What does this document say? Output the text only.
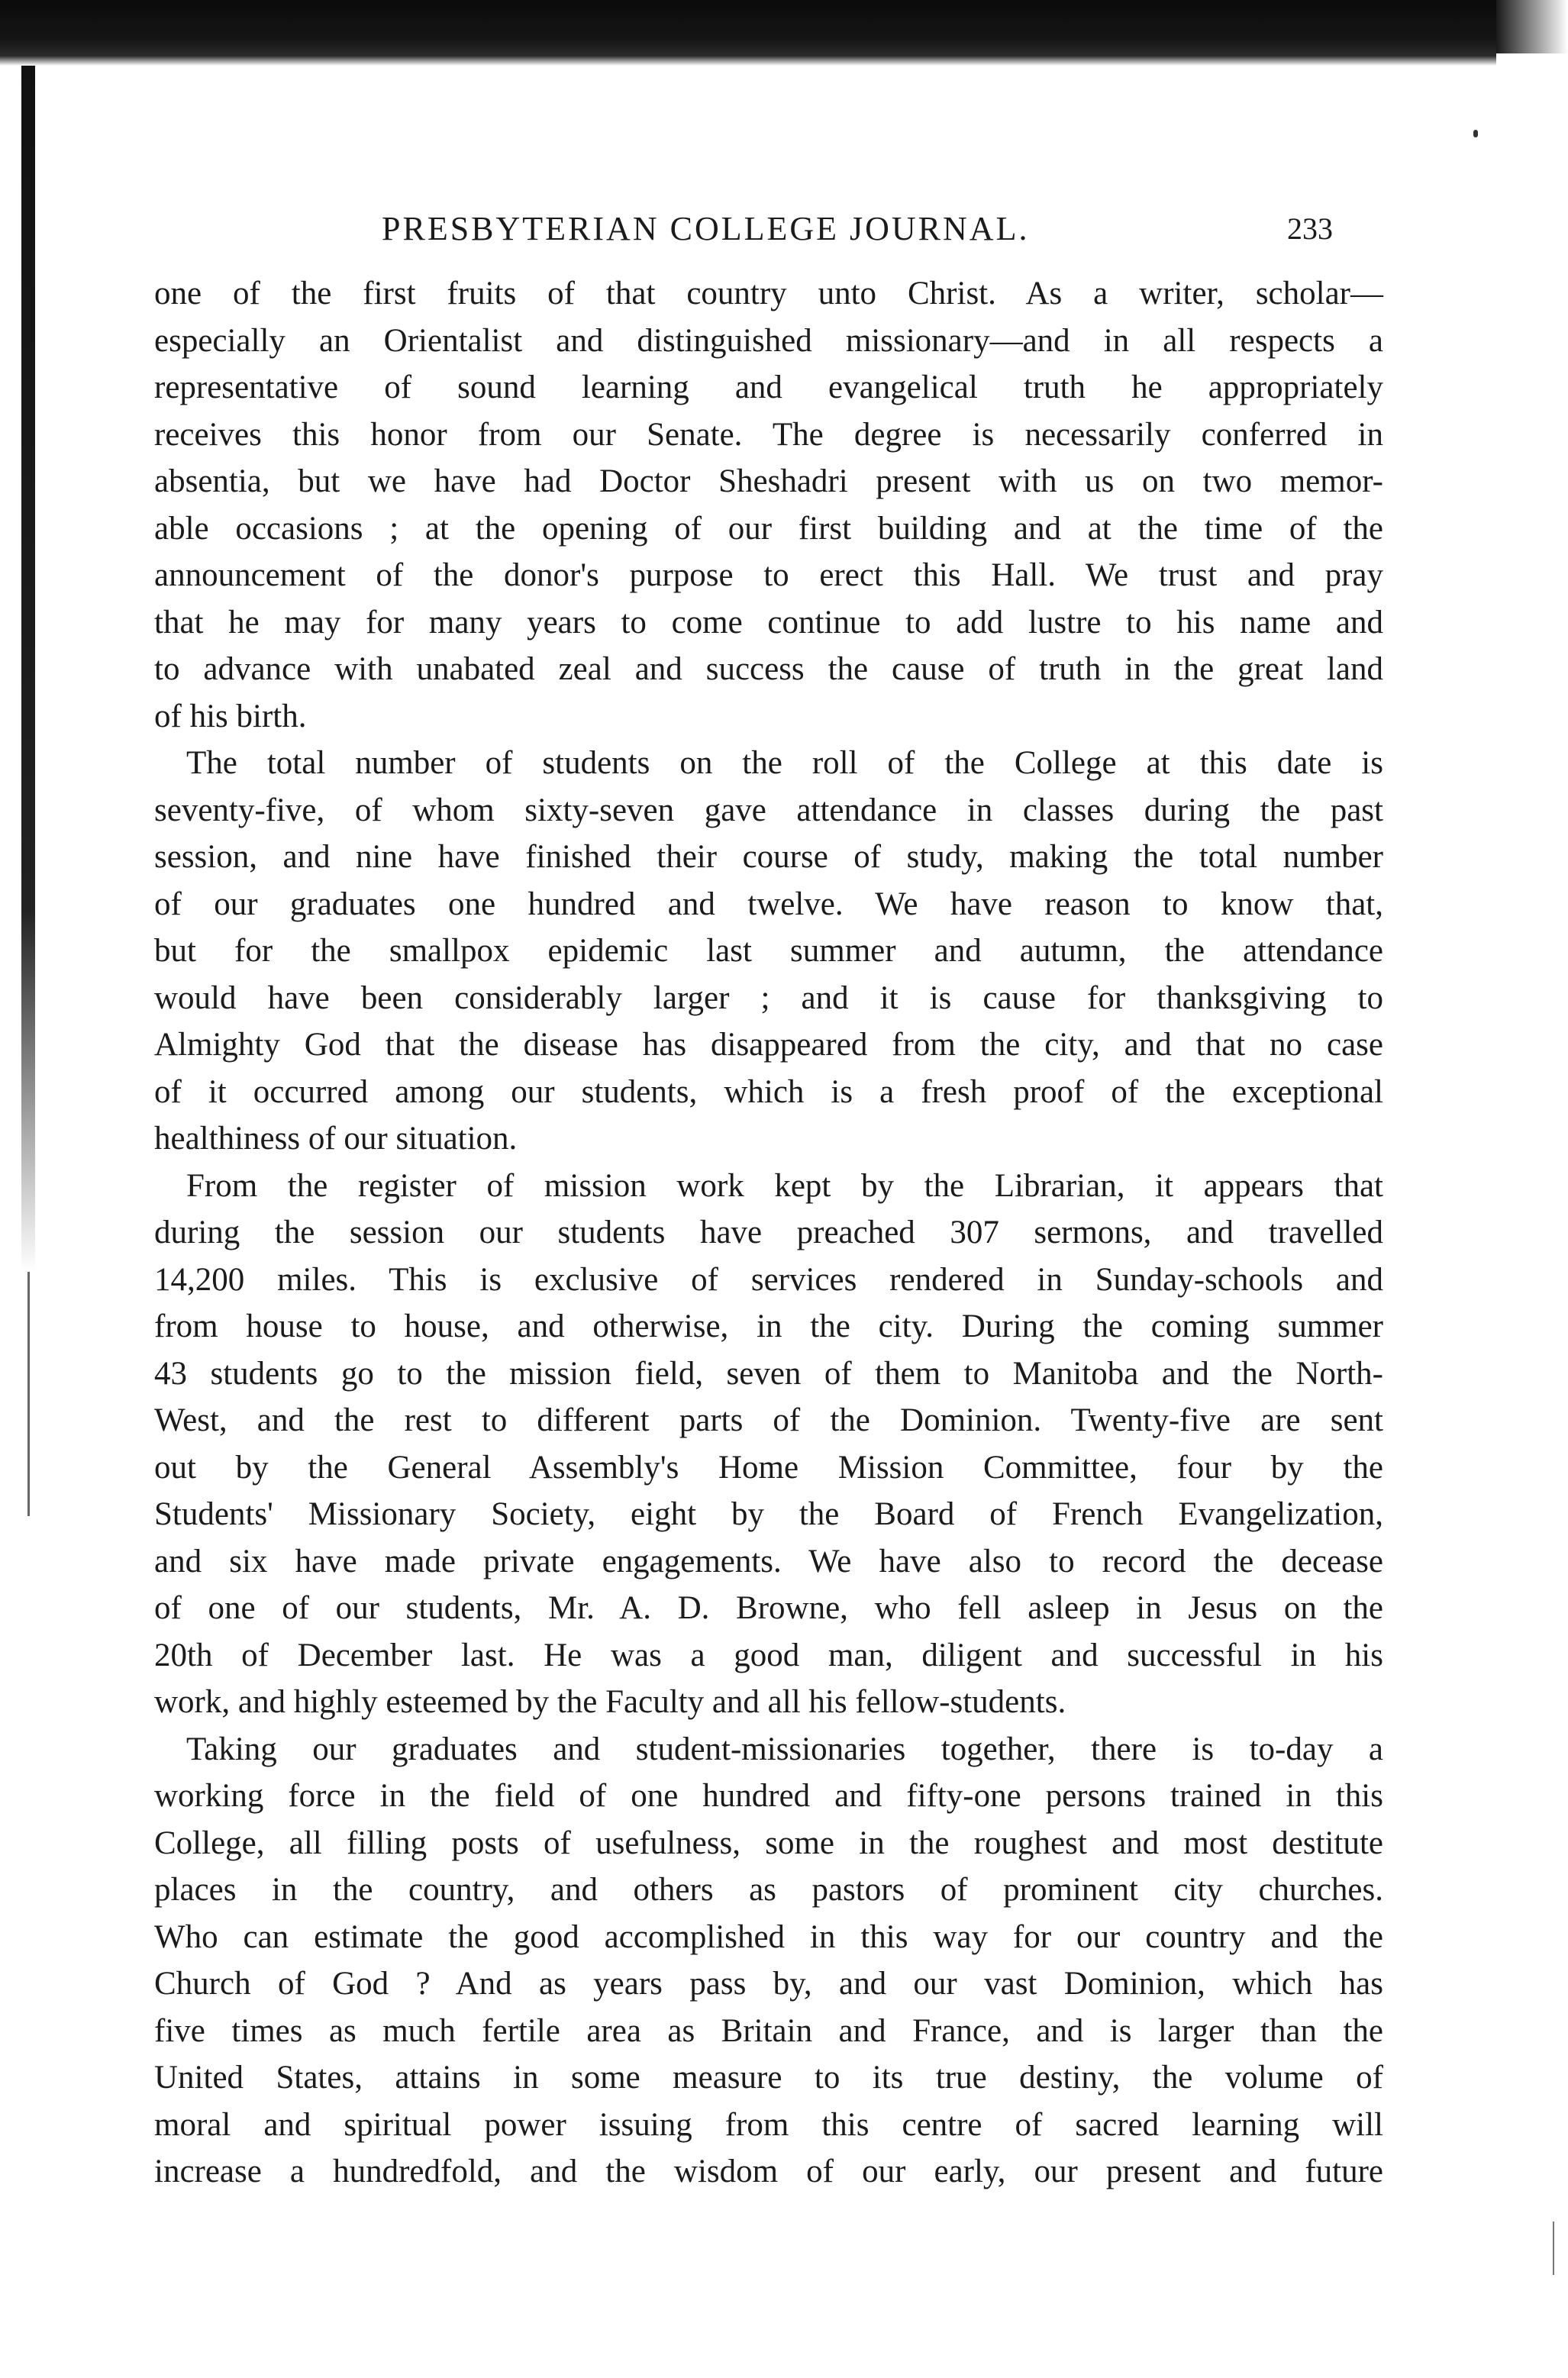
PRESBYTERIAN COLLEGE JOURNAL.	233
one of the first fruits of that country unto Christ. As a writer, scholar—
especially an Orientalist and distinguished missionary—and in all respects a
representative of sound learning and evangelical truth he appropriately
receives this honor from our Senate. The degree is necessarily conferred in
absentia, but we have had Doctor Sheshadri present with us on two memor-
able occasions ; at the opening of our first building and at the time of the
announcement of the donor's purpose to erect this Hall. We trust and pray
that he may for many years to come continue to add lustre to his name and
to advance with unabated zeal and success the cause of truth in the great land
of his birth.
The total number of students on the roll of the College at this date is
seventy-five, of whom sixty-seven gave attendance in classes during the past
session, and nine have finished their course of study, making the total number
of our graduates one hundred and twelve. We have reason to know that,
but for the smallpox epidemic last summer and autumn, the attendance
would have been considerably larger ; and it is cause for thanksgiving to
Almighty God that the disease has disappeared from the city, and that no case
of it occurred among our students, which is a fresh proof of the exceptional
healthiness of our situation.
From the register of mission work kept by the Librarian, it appears that
during the session our students have preached 307 sermons, and travelled
14,200 miles. This is exclusive of services rendered in Sunday-schools and
from house to house, and otherwise, in the city. During the coming summer
43 students go to the mission field, seven of them to Manitoba and the North-
West, and the rest to different parts of the Dominion. Twenty-five are sent
out by the General Assembly's Home Mission Committee, four by the
Students' Missionary Society, eight by the Board of French Evangelization,
and six have made private engagements. We have also to record the decease
of one of our students, Mr. A. D. Browne, who fell asleep in Jesus on the
20th of December last. He was a good man, diligent and successful in his
work, and highly esteemed by the Faculty and all his fellow-students.
Taking our graduates and student-missionaries together, there is to-day a
working force in the field of one hundred and fifty-one persons trained in this
College, all filling posts of usefulness, some in the roughest and most destitute
places in the country, and others as pastors of prominent city churches.
Who can estimate the good accomplished in this way for our country and the
Church of God ? And as years pass by, and our vast Dominion, which has
five times as much fertile area as Britain and France, and is larger than the
United States, attains in some measure to its true destiny, the volume of
moral and spiritual power issuing from this centre of sacred learning will
increase a hundredfold, and the wisdom of our early, our present and future
